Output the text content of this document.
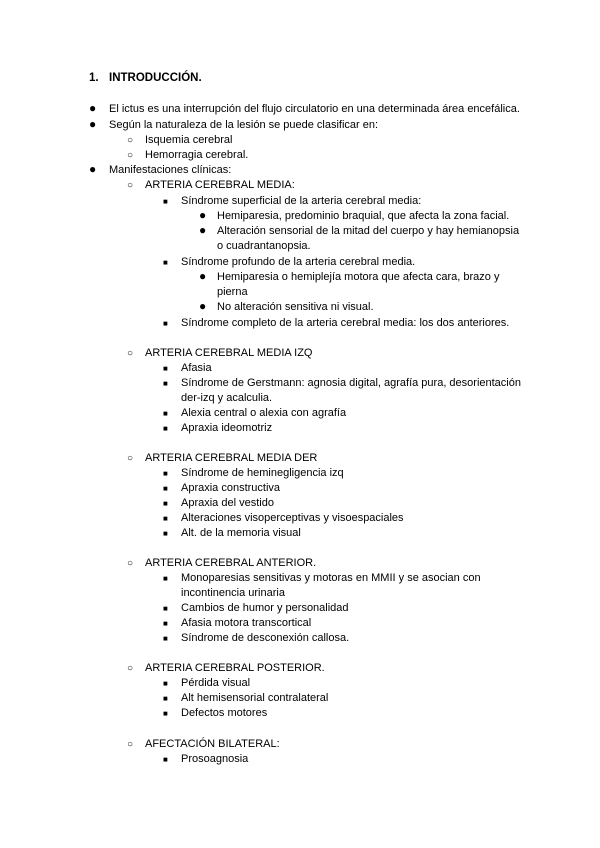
1. INTRODUCCIÓN.
● El ictus es una interrupción del flujo circulatorio en una determinada área encefálica.
● Según la naturaleza de la lesión se puede clasificar en:
○ Isquemia cerebral
○ Hemorragia cerebral.
● Manifestaciones clínicas:
○ ARTERIA CEREBRAL MEDIA:
■ Síndrome superficial de la arteria cerebral media:
● Hemiparesia, predominio braquial, que afecta la zona facial.
● Alteración sensorial de la mitad del cuerpo y hay hemianopsia
o cuadrantanopsia.
■ Síndrome profundo de la arteria cerebral media.
● Hemiparesia o hemiplejía motora que afecta cara, brazo y
pierna
● No alteración sensitiva ni visual.
■ Síndrome completo de la arteria cerebral media: los dos anteriores.
○ ARTERIA CEREBRAL MEDIA IZQ
■ Afasia
■ Síndrome de Gerstmann: agnosia digital, agrafía pura, desorientación
der-izq y acalculia.
■ Alexia central o alexia con agrafía
■ Apraxia ideomotriz
○ ARTERIA CEREBRAL MEDIA DER
■ Síndrome de heminegligencia izq
■ Apraxia constructiva
■ Apraxia del vestido
■ Alteraciones visoperceptivas y visoespaciales
■ Alt. de la memoria visual
○ ARTERIA CEREBRAL ANTERIOR.
■ Monoparesias sensitivas y motoras en MMII y se asocian con
incontinencia urinaria
■ Cambios de humor y personalidad
■ Afasia motora transcortical
■ Síndrome de desconexión callosa.
○ ARTERIA CEREBRAL POSTERIOR.
■ Pérdida visual
■ Alt hemisensorial contralateral
■ Defectos motores
○ AFECTACIÓN BILATERAL:
■ Prosoagnosia
